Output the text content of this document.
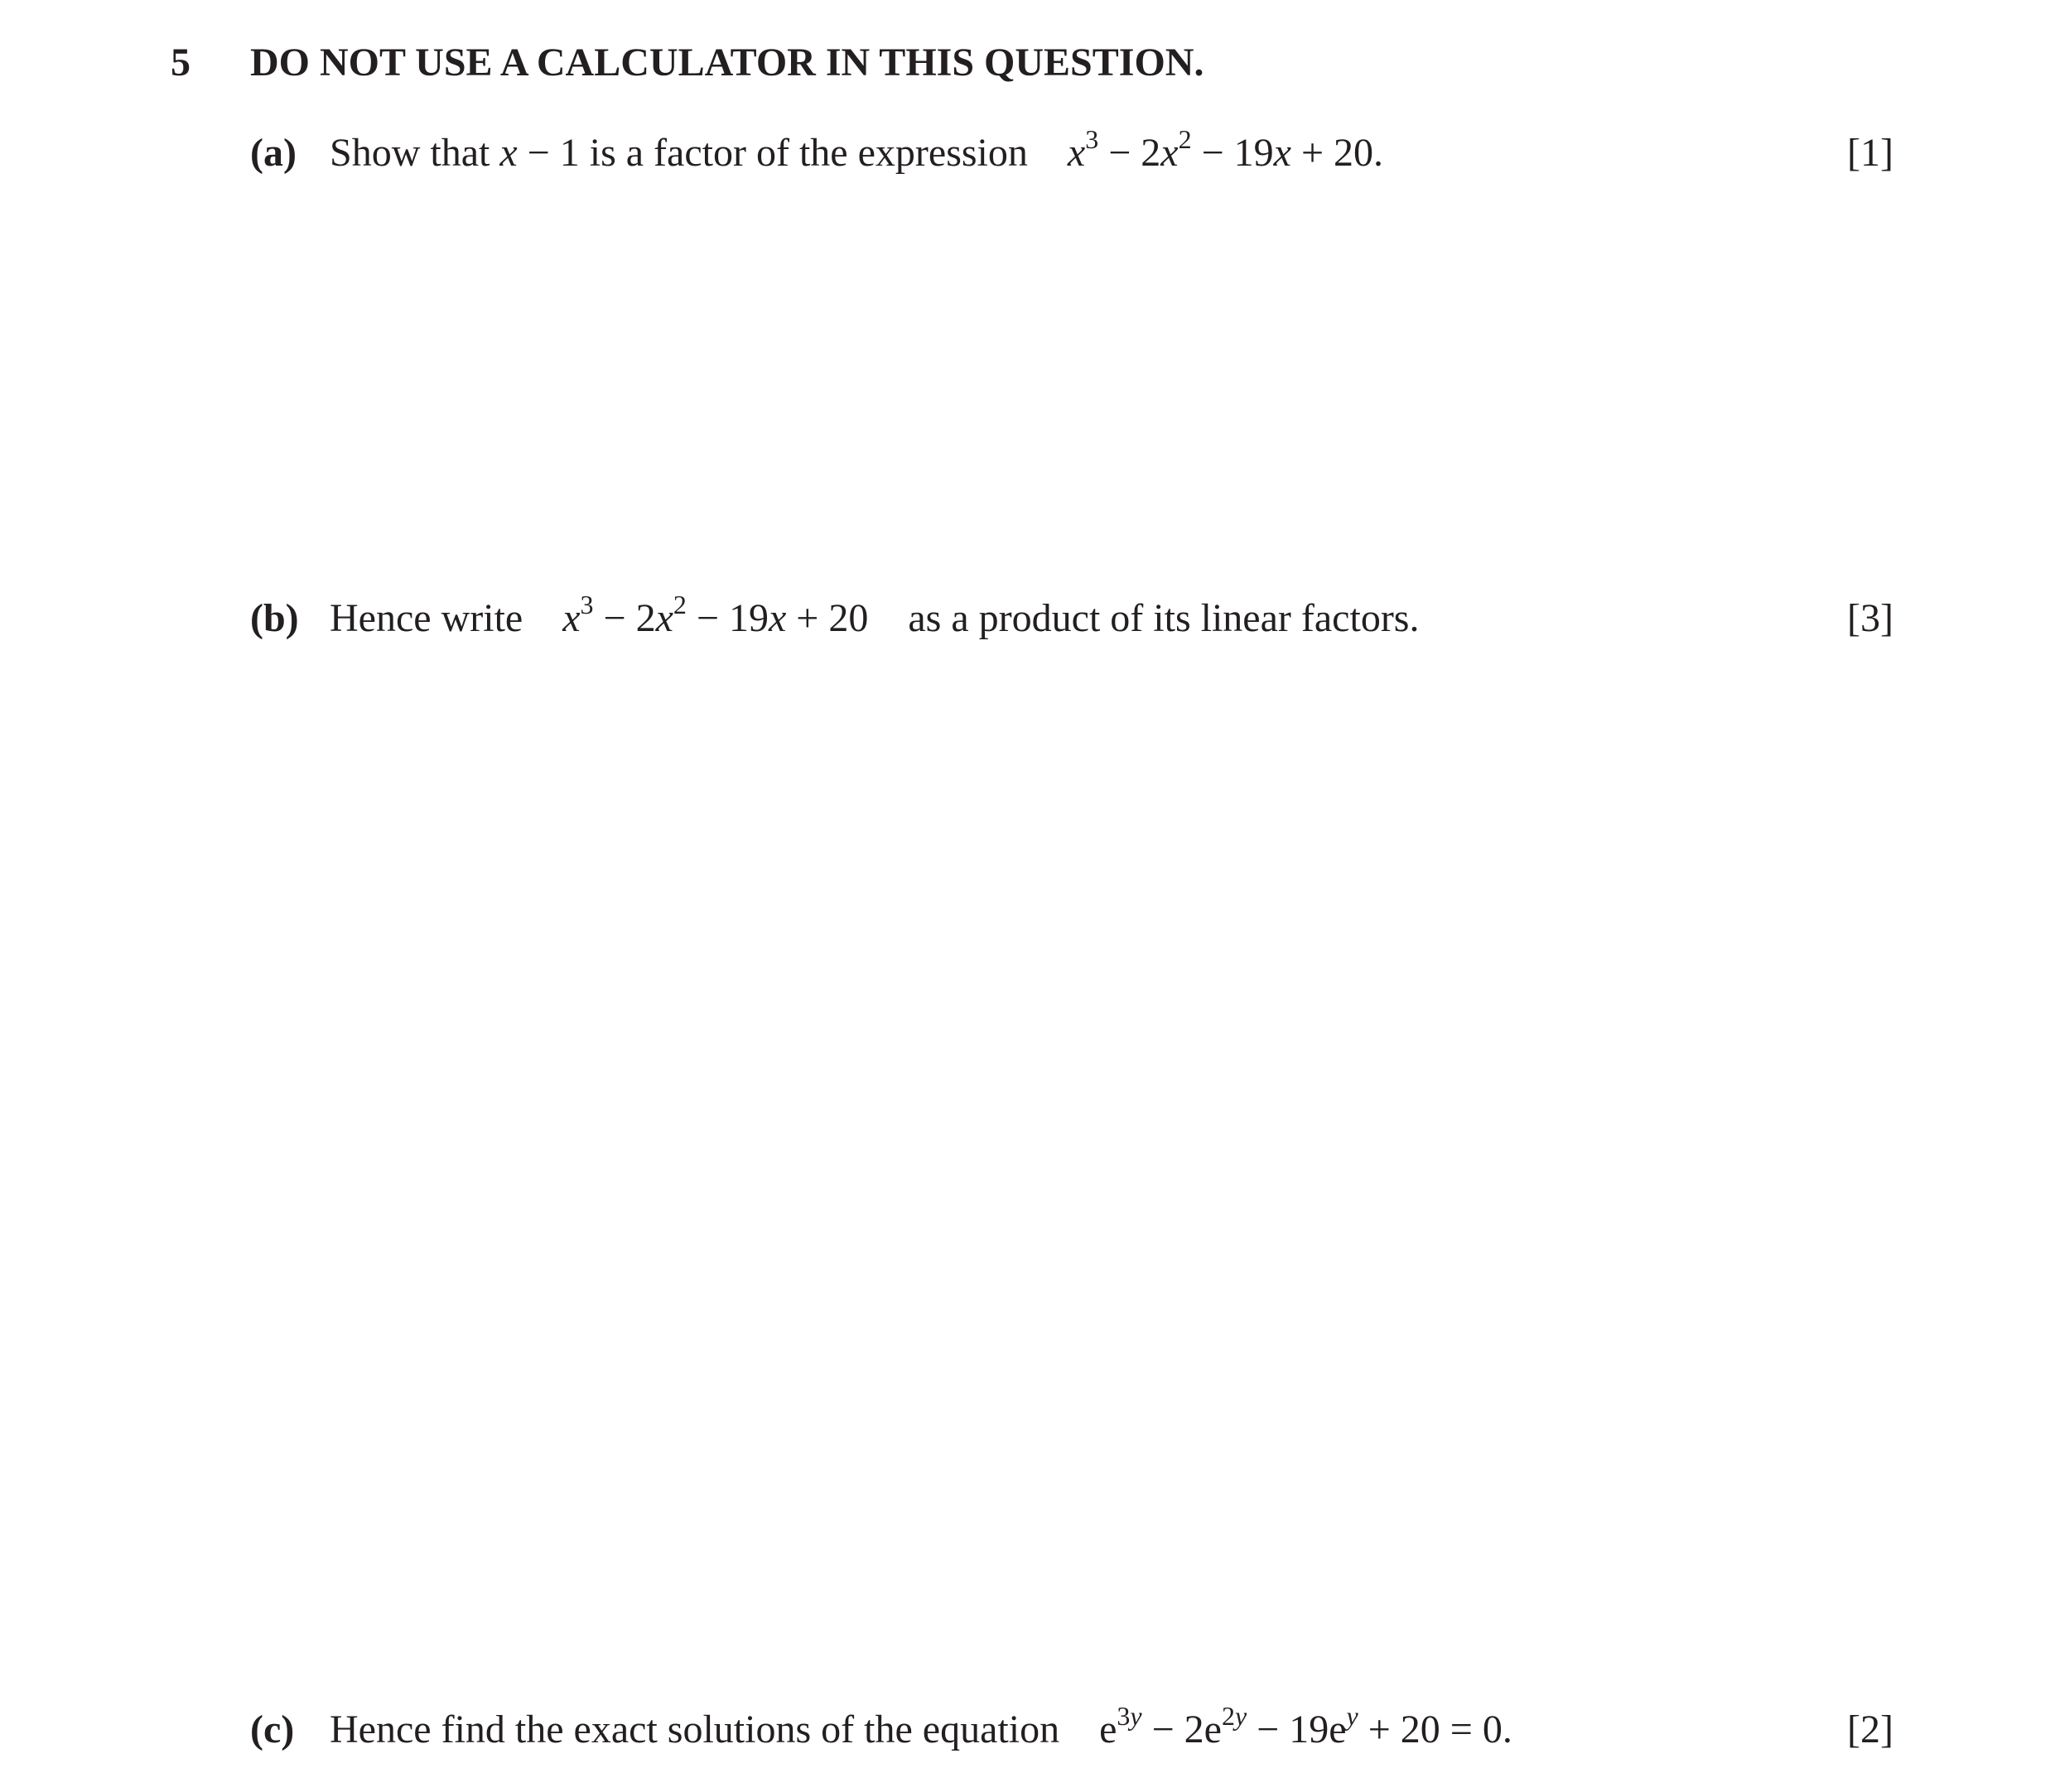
5 DO NOT USE A CALCULATOR IN THIS QUESTION.
(a) Show that x − 1 is a factor of the expression $x^3 - 2x^2 - 19x + 20$.	[1]
(b) Hence write $x^3 - 2x^2 - 19x + 20$ as a product of its linear factors.	[3]
(c) Hence find the exact solutions of the equation $e^{3y} - 2e^{2y} - 19e^y + 20 = 0$.	[2]
